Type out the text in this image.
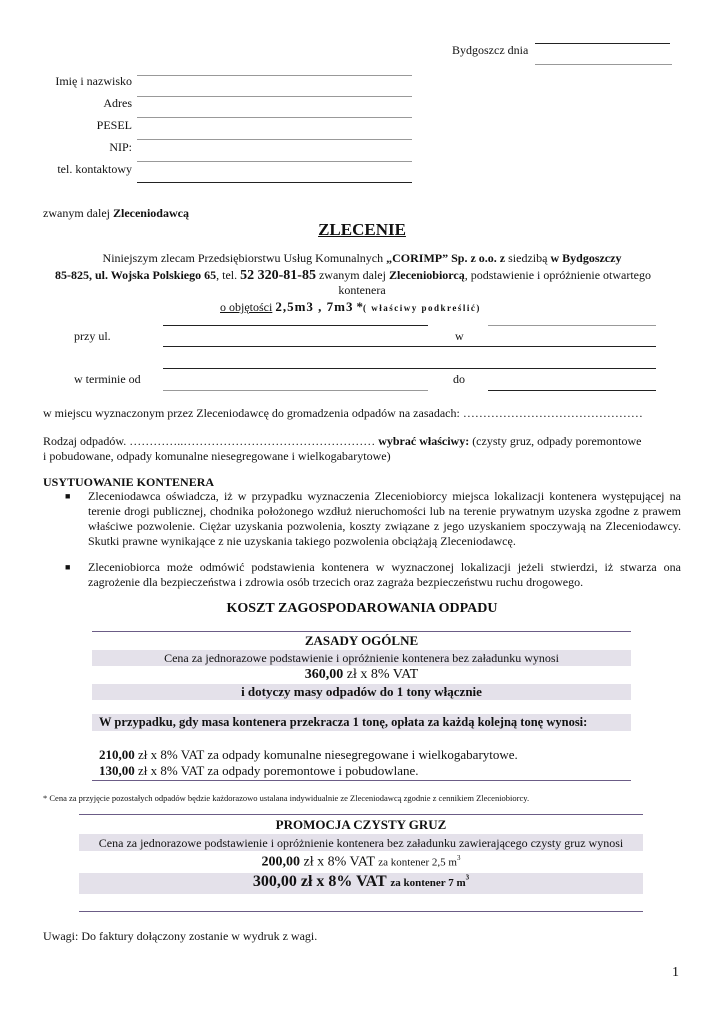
Bydgoszcz dnia
Imię i nazwisko
Adres
PESEL
NIP:
tel. kontaktowy
zwanym dalej Zleceniodawcą
ZLECENIE
Niniejszym zlecam Przedsiębiorstwu Usług Komunalnych „CORIMP” Sp. z o.o. z siedzibą w Bydgoszczy
85-825, ul. Wojska Polskiego 65, tel. 52 320-81-85 zwanym dalej Zleceniobiorcą, podstawienie i opróżnienie otwartego
kontenera
o objętości 2,5m3 , 7m3 *( właściwy podkreślić)
przy ul.	w
w terminie od	do
w miejscu wyznaczonym przez Zleceniodawcę do gromadzenia odpadów na zasadach: ………………………………………
Rodzaj odpadów. …………..………………………………………… wybrać właściwy: (czysty gruz, odpady poremontowe
i pobudowane, odpady komunalne niesegregowane i wielkogabarytowe)
USYTUOWANIE KONTENERA
■ Zleceniodawca oświadcza, iż w przypadku wyznaczenia Zleceniobiorcy miejsca lokalizacji kontenera występującej na terenie drogi publicznej, chodnika położonego wzdłuż nieruchomości lub na terenie prywatnym uzyska zgodne z prawem właściwe pozwolenie. Ciężar uzyskania pozwolenia, koszty związane z jego uzyskaniem spoczywają na Zleceniodawcy. Skutki prawne wynikające z nie uzyskania takiego pozwolenia obciążają Zleceniodawcę.
■ Zleceniobiorca może odmówić podstawienia kontenera w wyznaczonej lokalizacji jeżeli stwierdzi, iż stwarza ona zagrożenie dla bezpieczeństwa i zdrowia osób trzecich oraz zagraża bezpieczeństwu ruchu drogowego.
KOSZT ZAGOSPODAROWANIA ODPADU
ZASADY OGÓLNE
Cena za jednorazowe podstawienie i opróżnienie kontenera bez załadunku wynosi
360,00 zł x 8% VAT
i dotyczy masy odpadów do 1 tony włącznie
W przypadku, gdy masa kontenera przekracza 1 tonę, opłata za każdą kolejną tonę wynosi:
210,00 zł x 8% VAT za odpady komunalne niesegregowane i wielkogabarytowe.
130,00 zł x 8% VAT za odpady poremontowe i pobudowlane.
* Cena za przyjęcie pozostałych odpadów będzie każdorazowo ustalana indywidualnie ze Zleceniodawcą zgodnie z cennikiem Zleceniobiorcy.
PROMOCJA CZYSTY GRUZ
Cena za jednorazowe podstawienie i opróżnienie kontenera bez załadunku zawierającego czysty gruz wynosi
200,00 zł x 8% VAT za kontener 2,5 $m^3$
300,00 zł x 8% VAT za kontener 7 $m^3$
Uwagi: Do faktury dołączony zostanie w wydruk z wagi.
1
